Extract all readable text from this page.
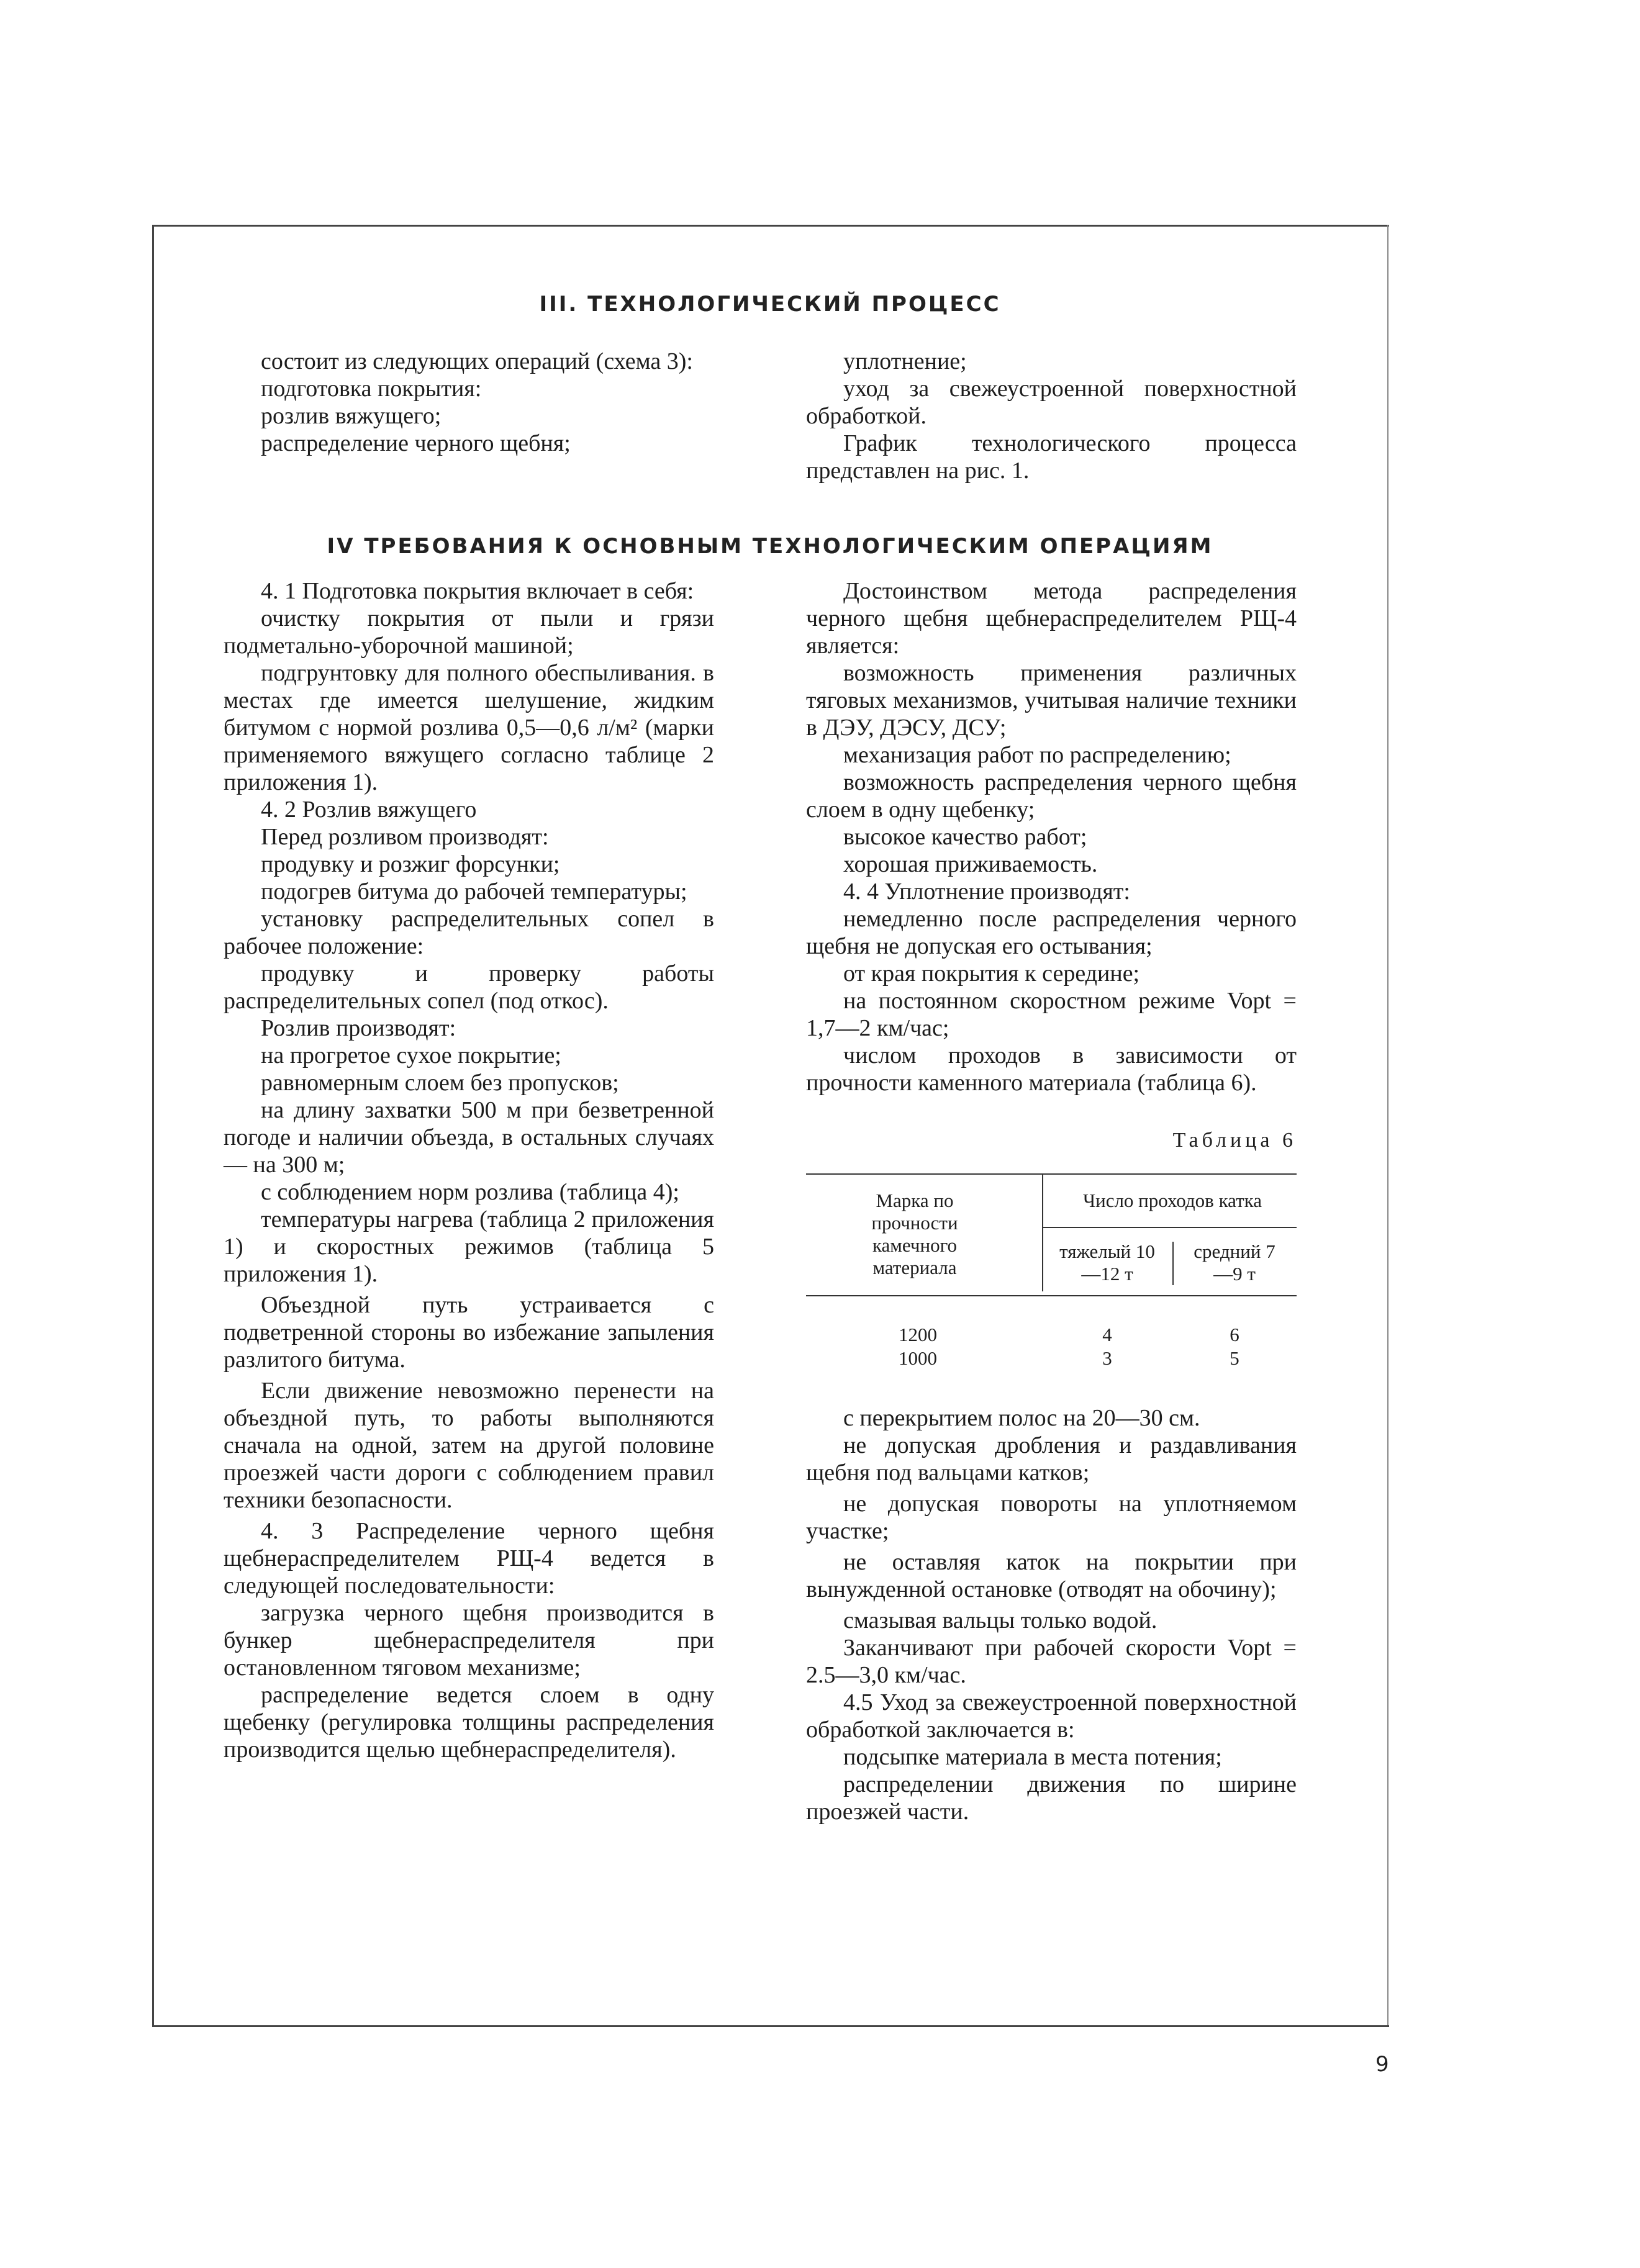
III. ТЕХНОЛОГИЧЕСКИЙ ПРОЦЕСС

состоит из следующих операций (схема 3):

подготовка покрытия:

розлив вяжущего;

распределение черного щебня;

уплотнение;

уход за свежеустроенной поверхностной обработкой.

График технологического процесса представлен на рис. 1.

IV ТРЕБОВАНИЯ К ОСНОВНЫМ ТЕХНОЛОГИЧЕСКИМ ОПЕРАЦИЯМ

4. 1 Подготовка покрытия включает в себя:

очистку покрытия от пыли и грязи подметально-уборочной машиной;

подгрунтовку для полного обеспыливания. в местах где имеется шелушение, жидким битумом с нормой розлива 0,5—0,6 л/м² (марки применяемого вяжущего согласно таблице 2 приложения 1).

4. 2 Розлив вяжущего

Перед розливом производят:

продувку и розжиг форсунки;

подогрев битума до рабочей температуры;

установку распределительных сопел в рабочее положение:

продувку и проверку работы распределительных сопел (под откос).

Розлив производят:

на прогретое сухое покрытие;

равномерным слоем без пропусков;

на длину захватки 500 м при безветренной погоде и наличии объезда, в остальных случаях — на 300 м;

с соблюдением норм розлива (таблица 4);

температуры нагрева (таблица 2 приложения 1) и скоростных режимов (таблица 5 приложения 1).

Объездной путь устраивается с подветренной стороны во избежание запыления разлитого битума.

Если движение невозможно перенести на объездной путь, то работы выполняются сначала на одной, затем на другой половине проезжей части дороги с соблюдением правил техники безопасности.

4. 3 Распределение черного щебня щебнераспределителем РЩ-4 ведется в следующей последовательности:

загрузка черного щебня производится в бункер щебнераспределителя при остановленном тяговом механизме;

распределение ведется слоем в одну щебенку (регулировка толщины распределения производится щелью щебнераспределителя).

Достоинством метода распределения черного щебня щебнераспределителем РЩ-4 является:

возможность применения различных тяговых механизмов, учитывая наличие техники в ДЭУ, ДЭСУ, ДСУ;

механизация работ по распределению;

возможность распределения черного щебня слоем в одну щебенку;

высокое качество работ;

хорошая приживаемость.

4. 4 Уплотнение производят:

немедленно после распределения черного щебня не допуская его остывания;

от края покрытия к середине;

на постоянном скоростном режиме Vopt = 1,7—2 км/час;

числом проходов в зависимости от прочности каменного материала (таблица 6).

Таблица 6
Марка по прочности камечного материала
Число проходов катка
тяжелый 10—12 т
средний 7—9 т
1200	4	6
1000	3	5

с перекрытием полос на 20—30 см.

не допуская дробления и раздавливания щебня под вальцами катков;

не допуская повороты на уплотняемом участке;

не оставляя каток на покрытии при вынужденной остановке (отводят на обочину);

смазывая вальцы только водой.

Заканчивают при рабочей скорости Vopt = 2.5—3,0 км/час.

4.5 Уход за свежеустроенной поверхностной обработкой заключается в:

подсыпке материала в места потения;

распределении движения по ширине проезжей части.

9
